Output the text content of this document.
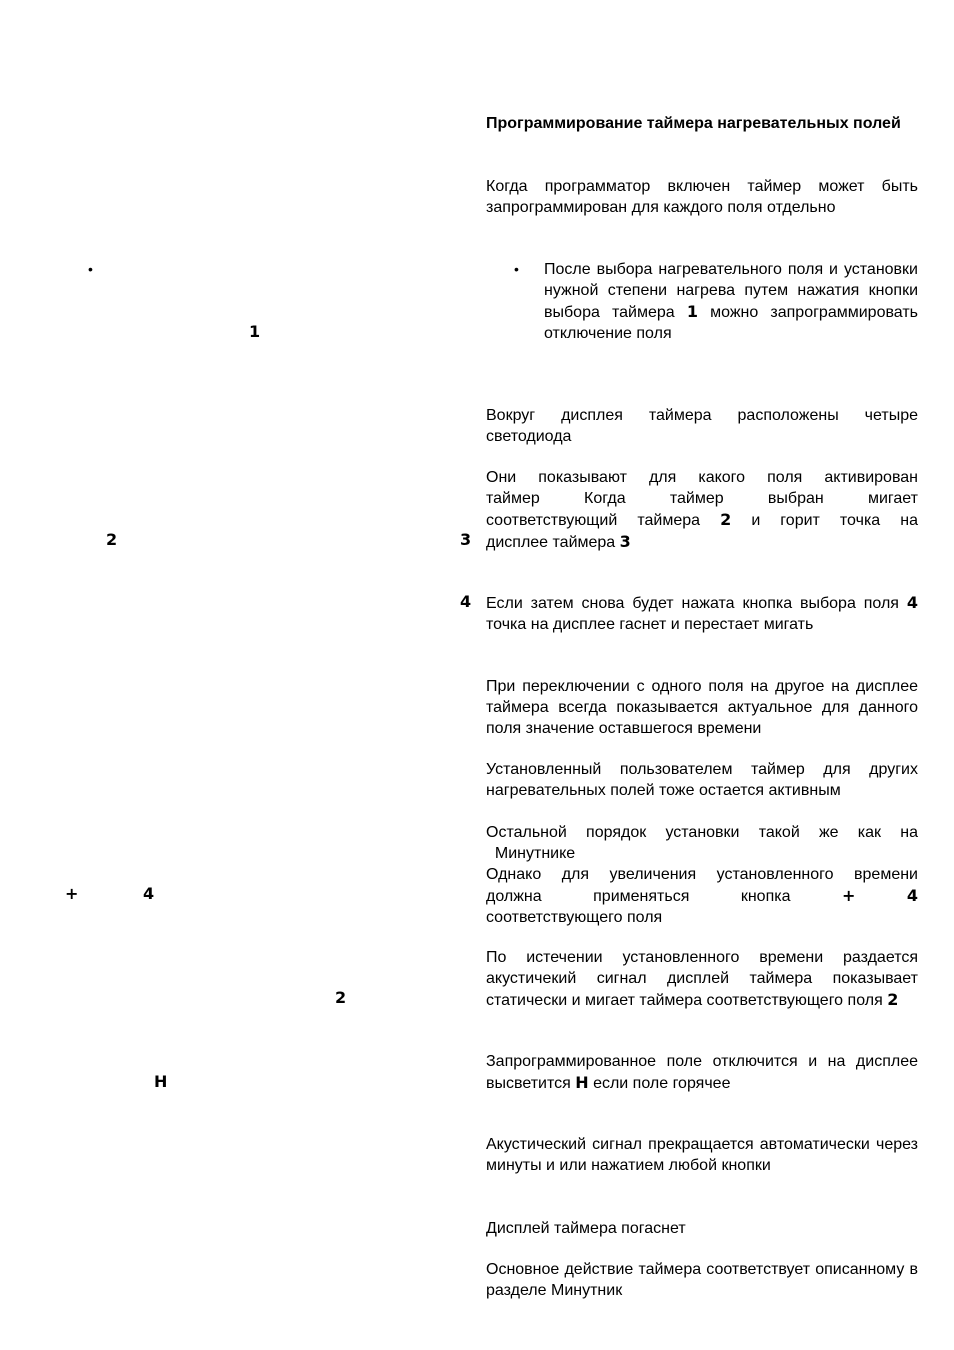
•
1
2	3
4
+	4
2
H

Программирование таймера нагревательных полей

Когда программатор включен таймер может быть запрограммирован для каждого поля отдельно

• После выбора нагревательного поля и установки нужной степени нагрева путем нажатия кнопки выбора таймера 1 можно запрограммировать отключение поля

Вокруг дисплея таймера расположены четыре светодиода

Они показывают для какого поля активирован
таймер Когда таймер выбран мигает
соответствующий таймера 2 и горит точка на
дисплее таймера 3

Если затем снова будет нажата кнопка выбора поля 4 точка на дисплее гаснет и перестает мигать

При переключении с одного поля на другое на дисплее таймера всегда показывается актуальное для данного поля значение оставшегося времени

Установленный пользователем таймер для других нагревательных полей тоже остается активным

Остальной порядок установки такой же как на
Минутнике
Однако для увеличения установленного времени
должна применяться кнопка	+	4
соответствующего поля

По истечении установленного времени раздается акустичекий сигнал дисплей таймера показывает статически и мигает таймера соответствующего поля 2

Запрограммированное поле отключится и на дисплее высветится H если поле горячее

Акустический сигнал прекращается автоматически через минуты и или нажатием любой кнопки

Дисплей таймера погаснет

Основное действие таймера соответствует описанному в разделе Минутник
